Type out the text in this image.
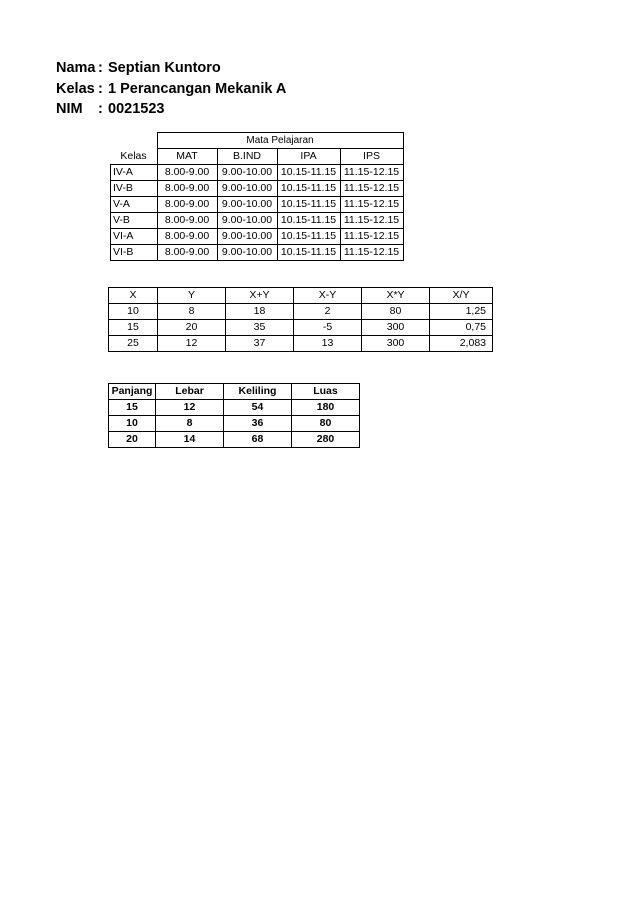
Nama : Septian Kuntoro
Kelas : 1 Perancangan Mekanik A
NIM	: 0021523
	Mata Pelajaran			
Kelas	MAT	B.IND	IPA	IPS
IV-A	8.00-9.00	9.00-10.00	10.15-11.15	11.15-12.15
IV-B	8.00-9.00	9.00-10.00	10.15-11.15	11.15-12.15
V-A	8.00-9.00	9.00-10.00	10.15-11.15	11.15-12.15
V-B	8.00-9.00	9.00-10.00	10.15-11.15	11.15-12.15
VI-A	8.00-9.00	9.00-10.00	10.15-11.15	11.15-12.15
VI-B	8.00-9.00	9.00-10.00	10.15-11.15	11.15-12.15
X	Y	X+Y	X-Y	X*Y	X/Y
10	8	18	2	80	1,25
15	20	35	-5	300	0,75
25	12	37	13	300	2,083
Panjang	Lebar	Keliling	Luas
15	12	54	180
10	8	36	80
20	14	68	280
